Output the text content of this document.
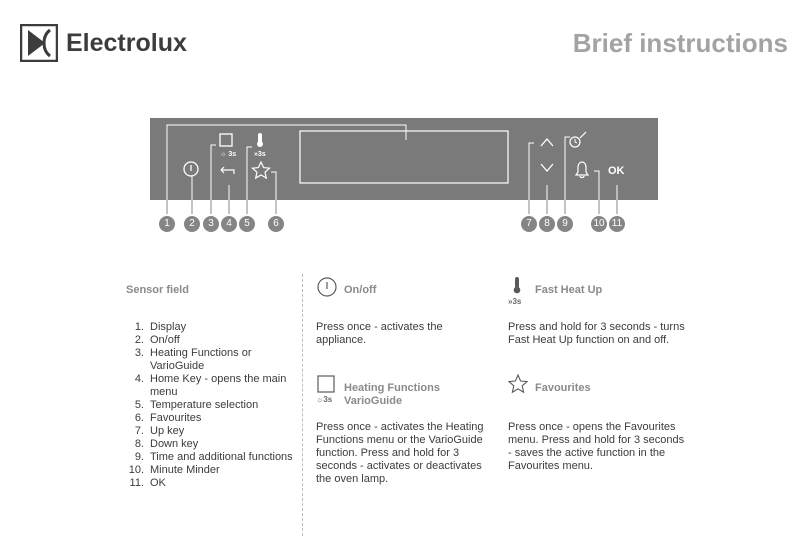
Electrolux	Brief instructions
☼ 3s	»3s
OK
1	2	3	4	5	6	7	8	9	10 11
Sensor field
1. Display
2. On/off
3. Heating Functions or VarioGuide
4. Home Key - opens the main menu
5. Temperature selection
6. Favourites
7. Up key
8. Down key
9. Time and additional functions
10. Minute Minder
11. OK
On/off
Press once - activates the appliance.
☼3s
Heating Functions
VarioGuide
Press once - activates the Heating Functions menu or the VarioGuide function. Press and hold for 3 seconds - activates or deactivates the oven lamp.
»3s
Fast Heat Up
Press and hold for 3 seconds - turns Fast Heat Up function on and off.
Favourites
Press once - opens the Favourites menu. Press and hold for 3 seconds - saves the active function in the Favourites menu.
